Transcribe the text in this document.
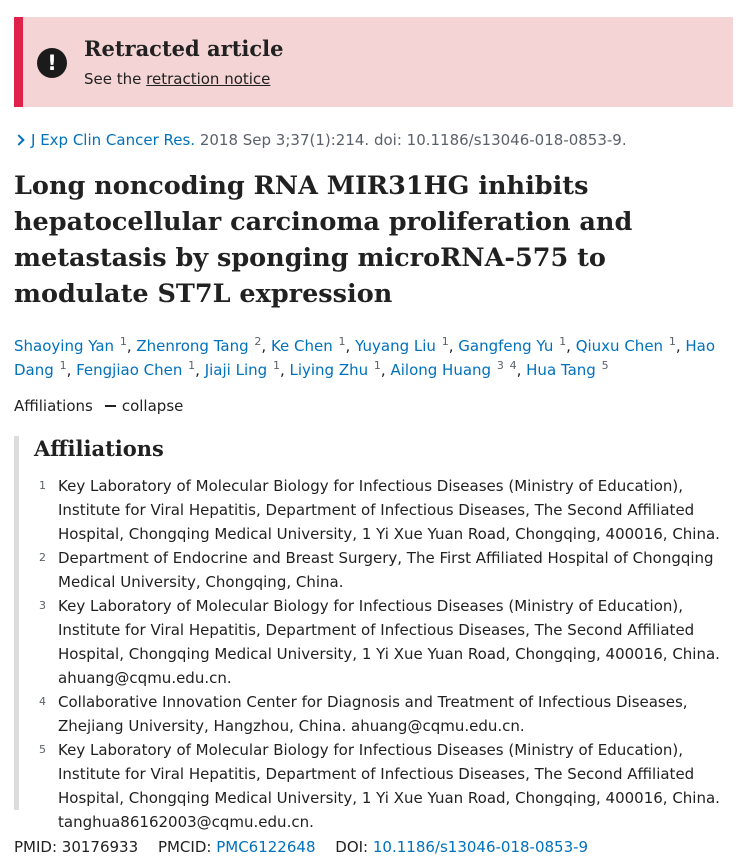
!
Retracted article
See the retraction notice
J Exp Clin Cancer Res. 2018 Sep 3;37(1):214. doi: 10.1186/s13046-018-0853-9.
Long noncoding RNA MIR31HG inhibits hepatocellular carcinoma proliferation and metastasis by sponging microRNA-575 to modulate ST7L expression
Shaoying Yan $^1$, Zhenrong Tang $^2$, Ke Chen $^1$, Yuyang Liu $^1$, Gangfeng Yu $^1$, Qiuxu Chen $^1$, Hao Dang $^1$, Fengjiao Chen $^1$, Jiaji Ling $^1$, Liying Zhu $^1$, Ailong Huang $^3$ $^4$, Hua Tang $^5$
Affiliations collapse
Affiliations
1 Key Laboratory of Molecular Biology for Infectious Diseases (Ministry of Education), Institute for Viral Hepatitis, Department of Infectious Diseases, The Second Affiliated Hospital, Chongqing Medical University, 1 Yi Xue Yuan Road, Chongqing, 400016, China.
2 Department of Endocrine and Breast Surgery, The First Affiliated Hospital of Chongqing Medical University, Chongqing, China.
3 Key Laboratory of Molecular Biology for Infectious Diseases (Ministry of Education), Institute for Viral Hepatitis, Department of Infectious Diseases, The Second Affiliated Hospital, Chongqing Medical University, 1 Yi Xue Yuan Road, Chongqing, 400016, China. ahuang@cqmu.edu.cn.
4 Collaborative Innovation Center for Diagnosis and Treatment of Infectious Diseases, Zhejiang University, Hangzhou, China. ahuang@cqmu.edu.cn.
5 Key Laboratory of Molecular Biology for Infectious Diseases (Ministry of Education), Institute for Viral Hepatitis, Department of Infectious Diseases, The Second Affiliated Hospital, Chongqing Medical University, 1 Yi Xue Yuan Road, Chongqing, 400016, China. tanghua86162003@cqmu.edu.cn.
PMID: 30176933 PMCID: PMC6122648 DOI: 10.1186/s13046-018-0853-9
